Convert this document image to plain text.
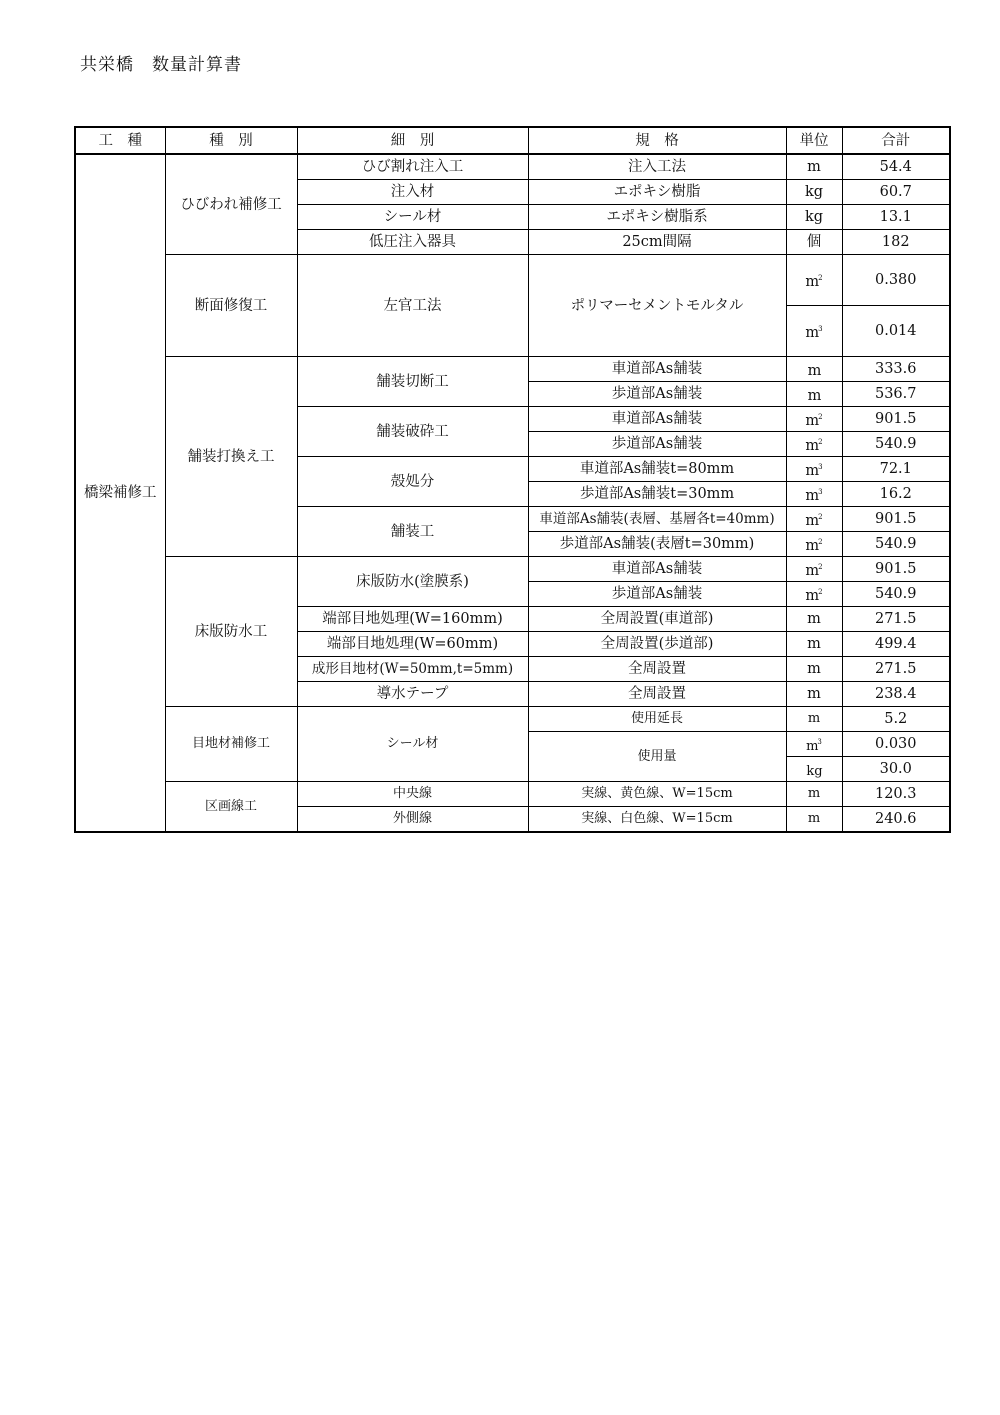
共栄橋　数量計算書
工　種	種　別	細　別	規　格	単位	合計
橋梁補修工	ひびわれ補修工	ひび割れ注入工	注入工法	m	54.4
		注入材	エポキシ樹脂	kg	60.7
		シール材	エポキシ樹脂系	kg	13.1
		低圧注入器具	25cm間隔	個	182
	断面修復工	左官工法	ポリマーセメントモルタル	$m^2$	0.380
				$m^3$	0.014
	舗装打換え工	舗装切断工	車道部As舗装	m	333.6
			歩道部As舗装	m	536.7
		舗装破砕工	車道部As舗装	$m^2$	901.5
			歩道部As舗装	$m^2$	540.9
		殻処分	車道部As舗装t=80mm	$m^3$	72.1
			歩道部As舗装t=30mm	$m^3$	16.2
		舗装工	車道部As舗装(表層、基層各t=40mm)	$m^2$	901.5
			歩道部As舗装(表層t=30mm)	$m^2$	540.9
	床版防水工	床版防水(塗膜系)	車道部As舗装	$m^2$	901.5
			歩道部As舗装	$m^2$	540.9
		端部目地処理(W=160mm)	全周設置(車道部)	m	271.5
		端部目地処理(W=60mm)	全周設置(歩道部)	m	499.4
		成形目地材(W=50mm,t=5mm)	全周設置	m	271.5
		導水テープ	全周設置	m	238.4
	目地材補修工	シール材	使用延長	m	5.2
			使用量	$m^3$	0.030
				kg	30.0
	区画線工	中央線	実線、黄色線、W=15cm	m	120.3
		外側線	実線、白色線、W=15cm	m	240.6
